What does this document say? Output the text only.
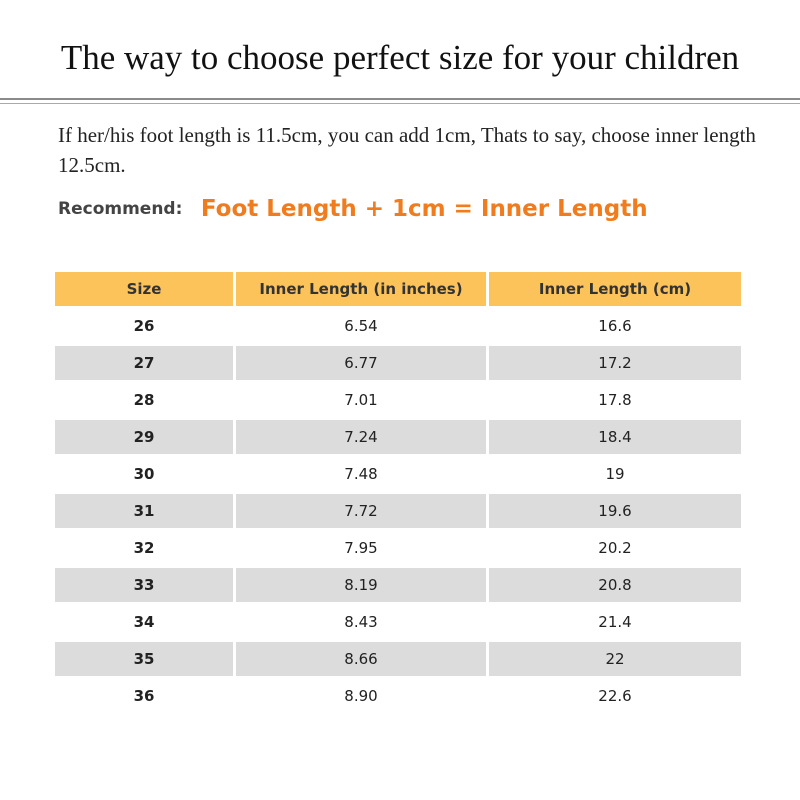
The way to choose perfect size for your children
If her/his foot length is 11.5cm, you can add 1cm, Thats to say, choose inner length 12.5cm.
Recommend: Foot Length + 1cm = Inner Length
Size	Inner Length (in inches)	Inner Length (cm)
26	6.54	16.6
27	6.77	17.2
28	7.01	17.8
29	7.24	18.4
30	7.48	19
31	7.72	19.6
32	7.95	20.2
33	8.19	20.8
34	8.43	21.4
35	8.66	22
36	8.90	22.6
